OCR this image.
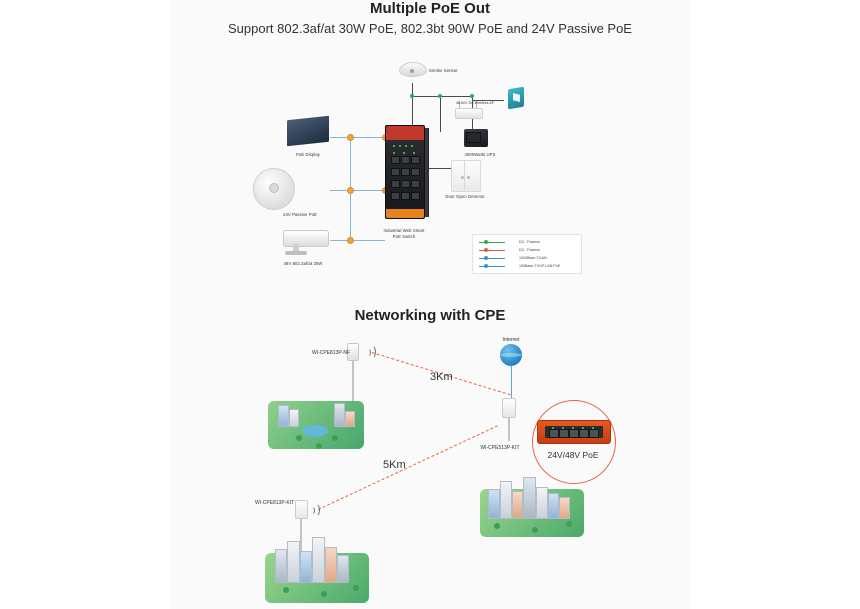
Multiple PoE Out
Support 802.3af/at 30W PoE, 802.3bt 90W PoE and 24V Passive PoE
Industrial Web Smart
PoE Switch
PoE Display
24V Passive PoE
48V 802.3af/at 30W
Smoke Sensor
48-60V DC Wireless AP
4000Watts UPS
Door Open Detector
DC : Passive
DC : Passive
1000Base-T/LAN
100Base-TX/1P LAN PoE
Networking with CPE
3Km
5Km
WI-CPE813P-NF
Internet
WI-CPE513P-KIT
24V/48V PoE
WI-CPE813P-KIT
